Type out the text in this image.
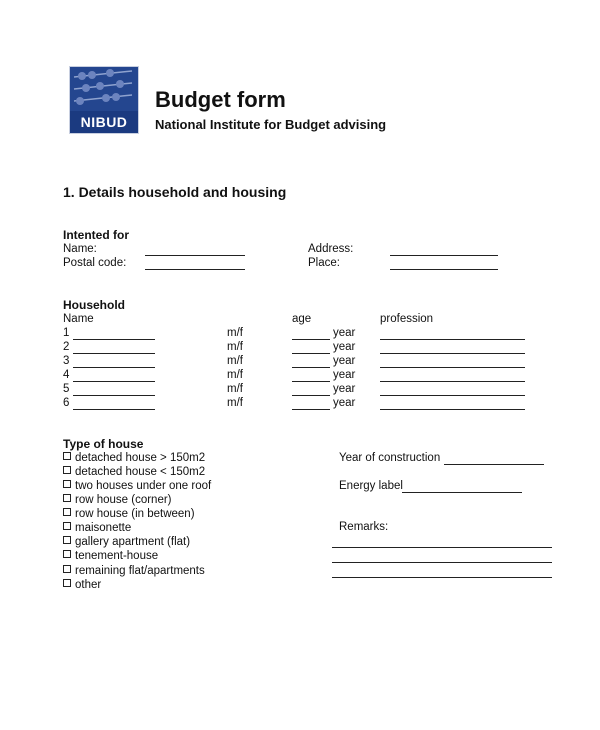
NIBUD
Budget form
National Institute for Budget advising
1. Details household and housing
Intented for
Name:
Postal code:
Address:
Place:
Household
Name	age	profession
1	m/f	year
2	m/f	year
3	m/f	year
4	m/f	year
5	m/f	year
6	m/f	year
Type of house
detached house > 150m2
detached house < 150m2
two houses under one roof
row house (corner)
row house (in between)
maisonette
gallery apartment (flat)
tenement-house
remaining flat/apartments
other
Year of construction
Energy label
Remarks:
